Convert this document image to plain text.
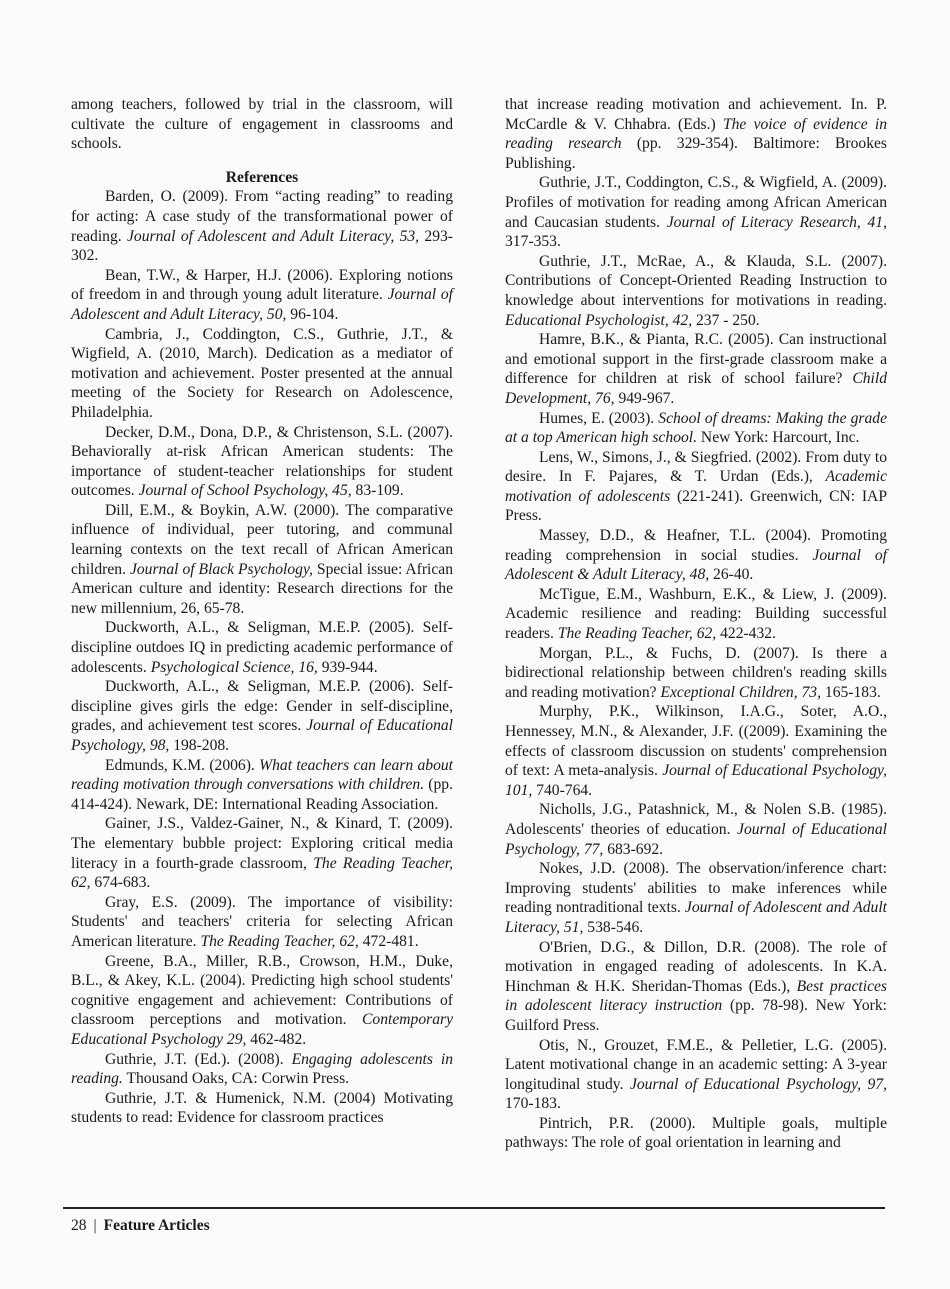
among teachers, followed by trial in the classroom, will cultivate the culture of engagement in classrooms and schools.

References

Barden, O. (2009). From “acting reading” to reading for acting: A case study of the transformational power of reading. Journal of Adolescent and Adult Literacy, 53, 293-302.

Bean, T.W., & Harper, H.J. (2006). Exploring notions of freedom in and through young adult literature. Journal of Adolescent and Adult Literacy, 50, 96-104.

Cambria, J., Coddington, C.S., Guthrie, J.T., & Wigfield, A. (2010, March). Dedication as a mediator of motivation and achievement. Poster presented at the annual meeting of the Society for Research on Adolescence, Philadelphia.

Decker, D.M., Dona, D.P., & Christenson, S.L. (2007). Behaviorally at-risk African American students: The importance of student-teacher relationships for student outcomes. Journal of School Psychology, 45, 83-109.

Dill, E.M., & Boykin, A.W. (2000). The comparative influence of individual, peer tutoring, and communal learning contexts on the text recall of African American children. Journal of Black Psychology, Special issue: African American culture and identity: Research directions for the new millennium, 26, 65-78.

Duckworth, A.L., & Seligman, M.E.P. (2005). Self-discipline outdoes IQ in predicting academic performance of adolescents. Psychological Science, 16, 939-944.

Duckworth, A.L., & Seligman, M.E.P. (2006). Self-discipline gives girls the edge: Gender in self-discipline, grades, and achievement test scores. Journal of Educational Psychology, 98, 198-208.

Edmunds, K.M. (2006). What teachers can learn about reading motivation through conversations with children. (pp. 414-424). Newark, DE: International Reading Association.

Gainer, J.S., Valdez-Gainer, N., & Kinard, T. (2009). The elementary bubble project: Exploring critical media literacy in a fourth-grade classroom, The Reading Teacher, 62, 674-683.

Gray, E.S. (2009). The importance of visibility: Students' and teachers' criteria for selecting African American literature. The Reading Teacher, 62, 472-481.

Greene, B.A., Miller, R.B., Crowson, H.M., Duke, B.L., & Akey, K.L. (2004). Predicting high school students' cognitive engagement and achievement: Contributions of classroom perceptions and motivation. Contemporary Educational Psychology 29, 462-482.

Guthrie, J.T. (Ed.). (2008). Engaging adolescents in reading. Thousand Oaks, CA: Corwin Press.

Guthrie, J.T. & Humenick, N.M. (2004) Motivating students to read: Evidence for classroom practices

that increase reading motivation and achievement. In. P. McCardle & V. Chhabra. (Eds.) The voice of evidence in reading research (pp. 329-354). Baltimore: Brookes Publishing.

Guthrie, J.T., Coddington, C.S., & Wigfield, A. (2009). Profiles of motivation for reading among African American and Caucasian students. Journal of Literacy Research, 41, 317-353.

Guthrie, J.T., McRae, A., & Klauda, S.L. (2007). Contributions of Concept-Oriented Reading Instruction to knowledge about interventions for motivations in reading. Educational Psychologist, 42, 237 - 250.

Hamre, B.K., & Pianta, R.C. (2005). Can instructional and emotional support in the first-grade classroom make a difference for children at risk of school failure? Child Development, 76, 949-967.

Humes, E. (2003). School of dreams: Making the grade at a top American high school. New York: Harcourt, Inc.

Lens, W., Simons, J., & Siegfried. (2002). From duty to desire. In F. Pajares, & T. Urdan (Eds.), Academic motivation of adolescents (221-241). Greenwich, CN: IAP Press.

Massey, D.D., & Heafner, T.L. (2004). Promoting reading comprehension in social studies. Journal of Adolescent & Adult Literacy, 48, 26-40.

McTigue, E.M., Washburn, E.K., & Liew, J. (2009). Academic resilience and reading: Building successful readers. The Reading Teacher, 62, 422-432.

Morgan, P.L., & Fuchs, D. (2007). Is there a bidirectional relationship between children's reading skills and reading motivation? Exceptional Children, 73, 165-183.

Murphy, P.K., Wilkinson, I.A.G., Soter, A.O., Hennessey, M.N., & Alexander, J.F. ((2009). Examining the effects of classroom discussion on students' comprehension of text: A meta-analysis. Journal of Educational Psychology, 101, 740-764.

Nicholls, J.G., Patashnick, M., & Nolen S.B. (1985). Adolescents' theories of education. Journal of Educational Psychology, 77, 683-692.

Nokes, J.D. (2008). The observation/inference chart: Improving students' abilities to make inferences while reading nontraditional texts. Journal of Adolescent and Adult Literacy, 51, 538-546.

O'Brien, D.G., & Dillon, D.R. (2008). The role of motivation in engaged reading of adolescents. In K.A. Hinchman & H.K. Sheridan-Thomas (Eds.), Best practices in adolescent literacy instruction (pp. 78-98). New York: Guilford Press.

Otis, N., Grouzet, F.M.E., & Pelletier, L.G. (2005). Latent motivational change in an academic setting: A 3-year longitudinal study. Journal of Educational Psychology, 97, 170-183.

Pintrich, P.R. (2000). Multiple goals, multiple pathways: The role of goal orientation in learning and

28 | Feature Articles
